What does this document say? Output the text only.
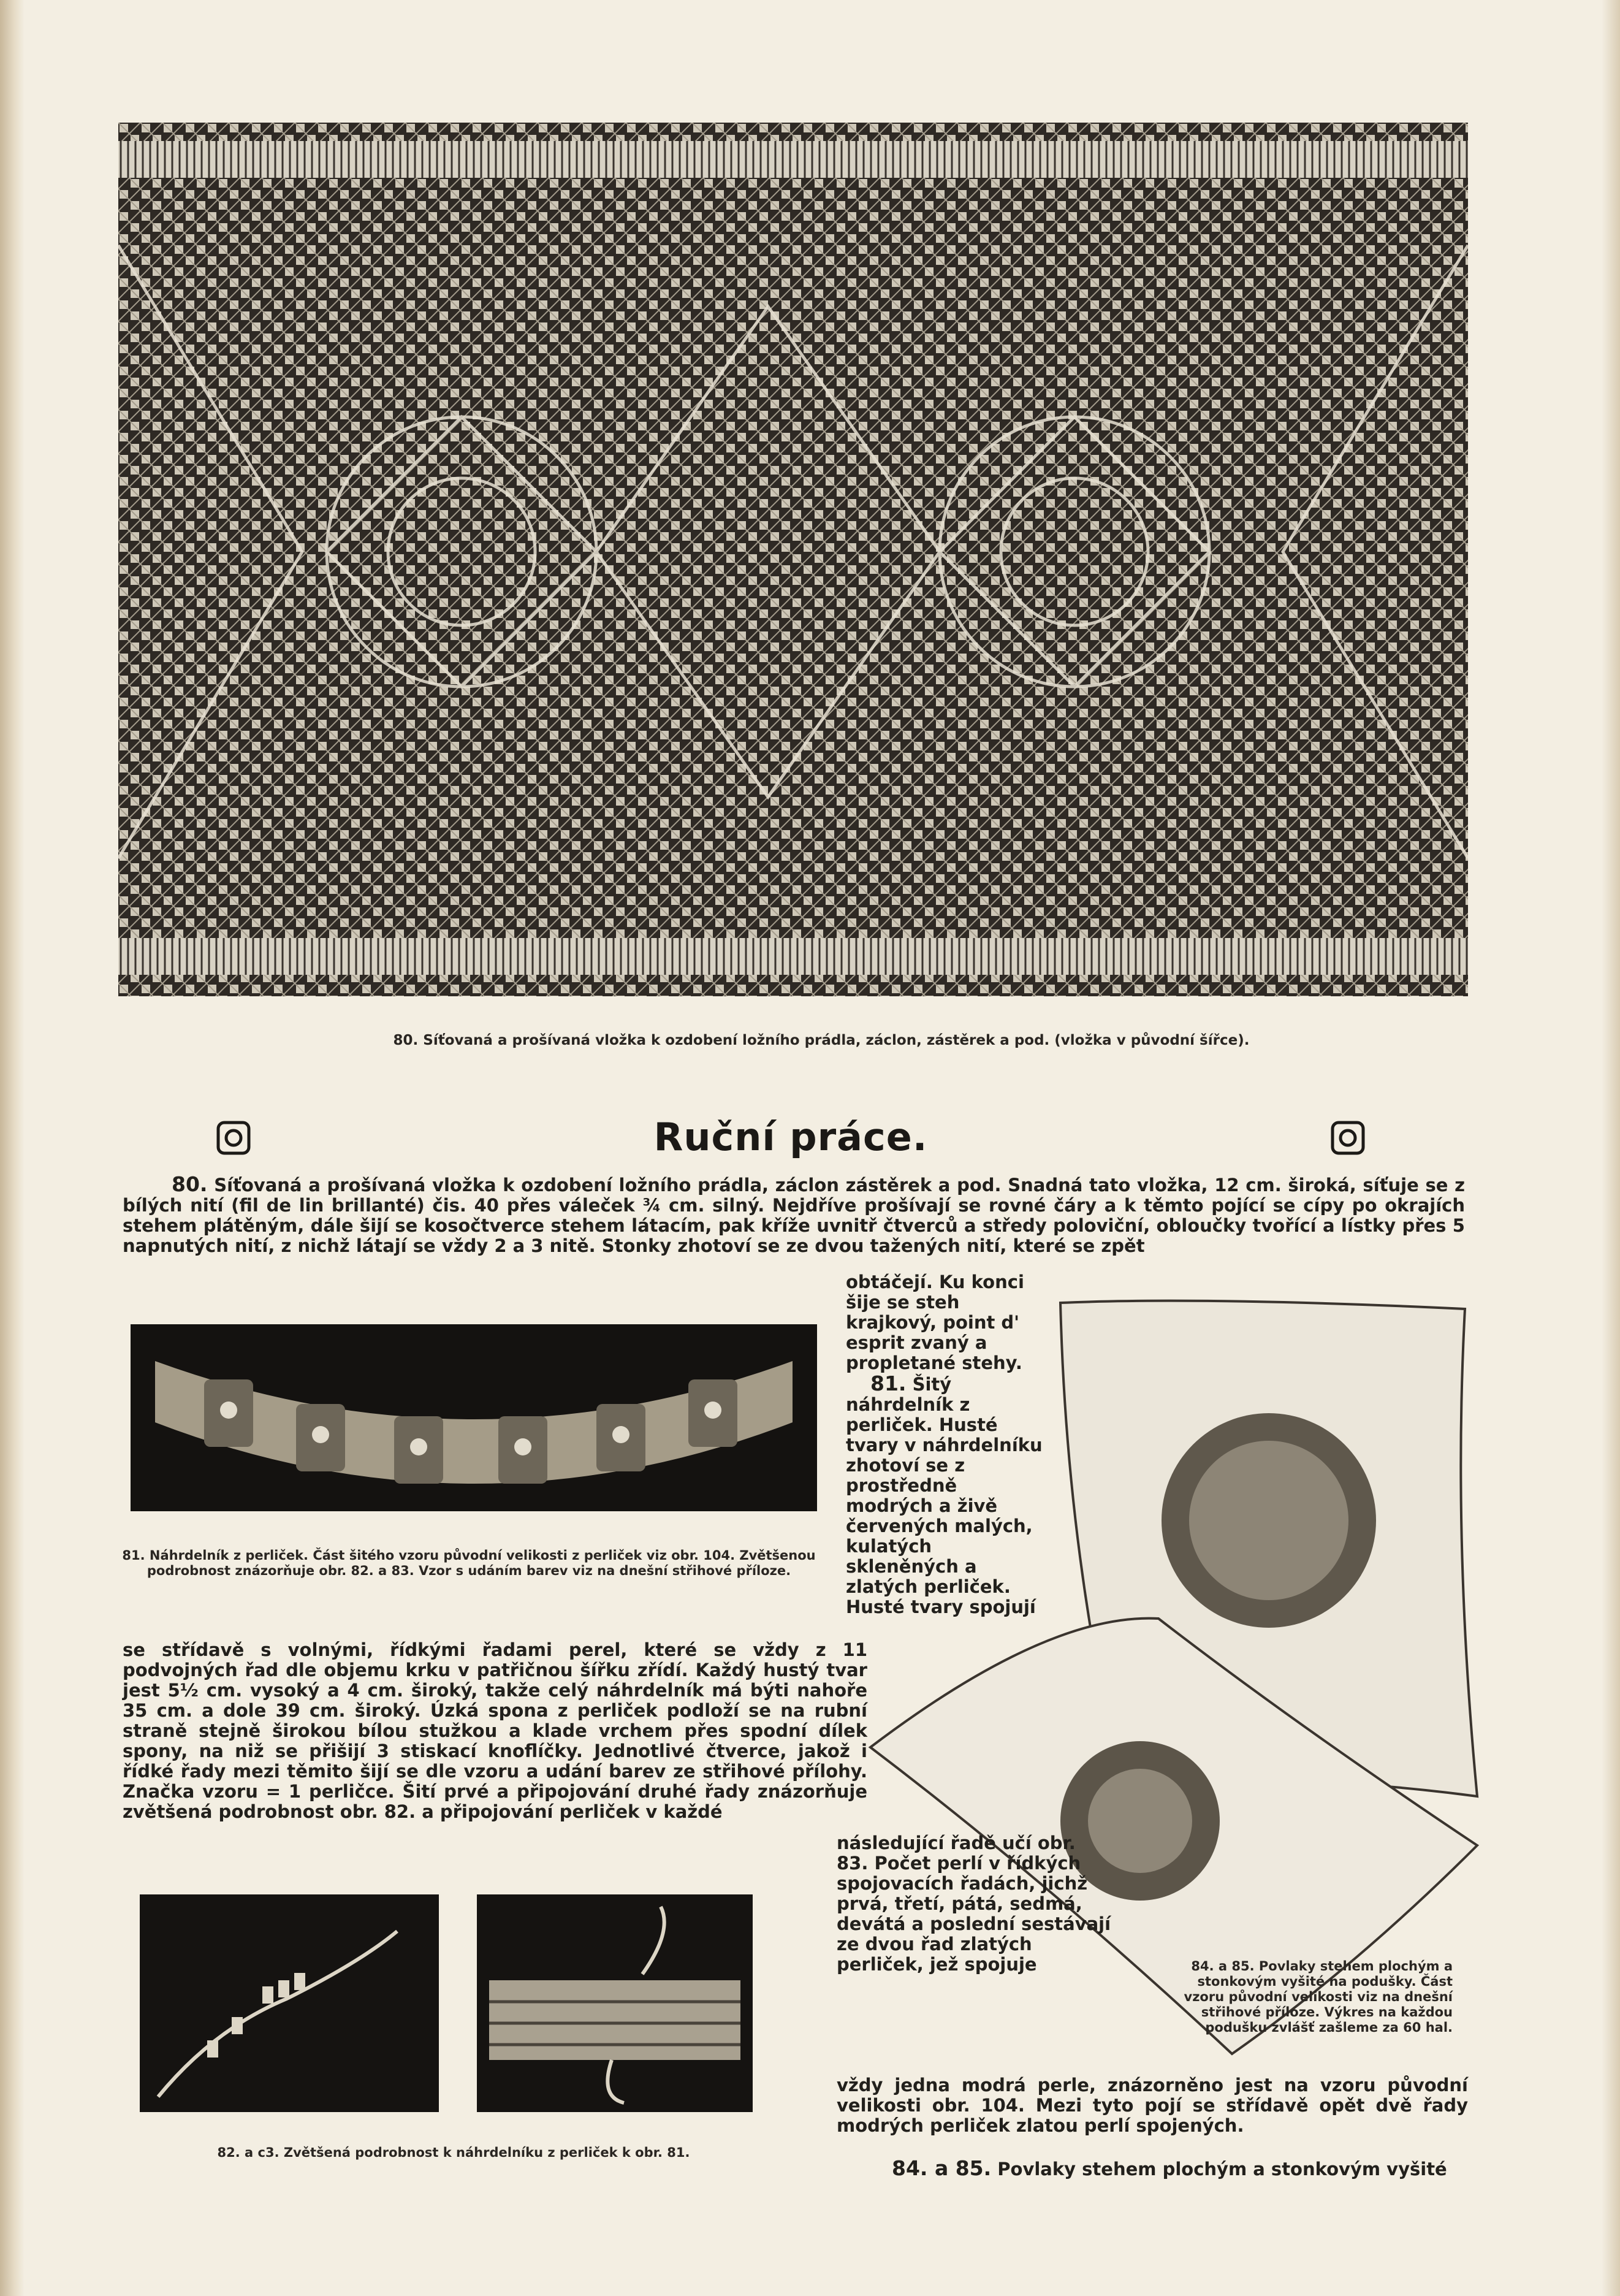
80. Síťovaná a prošívaná vložka k ozdobení ložního prádla, záclon, zástěrek a pod. (vložka v původní šířce).
Ruční práce.

80. Síťovaná a prošívaná vložka k ozdobení ložního prádla, záclon zástěrek a pod. Snadná tato vložka, 12 cm. široká, síťuje se z bílých nití (fil de lin brillanté) čis. 40 přes váleček ¾ cm. silný. Nejdříve prošívají se rovné čáry a k těmto pojící se cípy po okrajích stehem plátěným, dále šijí se kosočtverce stehem látacím, pak kříže uvnitř čtverců a středy poloviční, obloučky tvořící a lístky přes 5 napnutých nití, z nichž látají se vždy 2 a 3 nitě. Stonky zhotoví se ze dvou tažených nití, které se zpět

81. Náhrdelník z perliček. Část šitého vzoru původní velikosti z perliček viz obr. 104. Zvětšenou podrobnost znázorňuje obr. 82. a 83. Vzor s udáním barev viz na dnešní střihové příloze.

obtáčejí. Ku konci šije se steh krajkový, point d' esprit zvaný a propletané stehy.
81. Šitý náhrdelník z perliček. Husté tvary v náhrdelníku zhotoví se z prostředně modrých a živě červených malých, kulatých skleněných a zlatých perliček. Husté tvary spojují

84. a 85. Povlaky stehem plochým a stonkovým vyšité na podušky. Část vzoru původní velikosti viz na dnešní střihové příloze. Výkres na každou podušku zvlášť zašleme za 60 hal.

se střídavě s volnými, řídkými řadami perel, které se vždy z 11 podvojných řad dle objemu krku v patřičnou šířku zřídí. Každý hustý tvar jest 5½ cm. vysoký a 4 cm. široký, takže celý náhrdelník má býti nahoře 35 cm. a dole 39 cm. široký. Úzká spona z perliček podloží se na rubní straně stejně širokou bílou stužkou a klade vrchem přes spodní dílek spony, na niž se přišijí 3 stiskací knoflíčky. Jednotlivé čtverce, jakož i řídké řady mezi těmito šijí se dle vzoru a udání barev ze střihové přílohy. Značka vzoru = 1 perličce. Šití prvé a připojování druhé řady znázorňuje zvětšená podrobnost obr. 82. a připojování perliček v každé

82. a c3. Zvětšená podrobnost k náhrdelníku z perliček k obr. 81.

následující řadě učí obr. 83. Počet perlí v řídkých spojovacích řadách, jichž prvá, třetí, pátá, sedmá, devátá a poslední sestávají ze dvou řad zlatých perliček, jež spojuje

vždy jedna modrá perle, znázorněno jest na vzoru původní velikosti obr. 104. Mezi tyto pojí se střídavě opět dvě řady modrých perliček zlatou perlí spojených.

84. a 85. Povlaky stehem plochým a stonkovým vyšité
